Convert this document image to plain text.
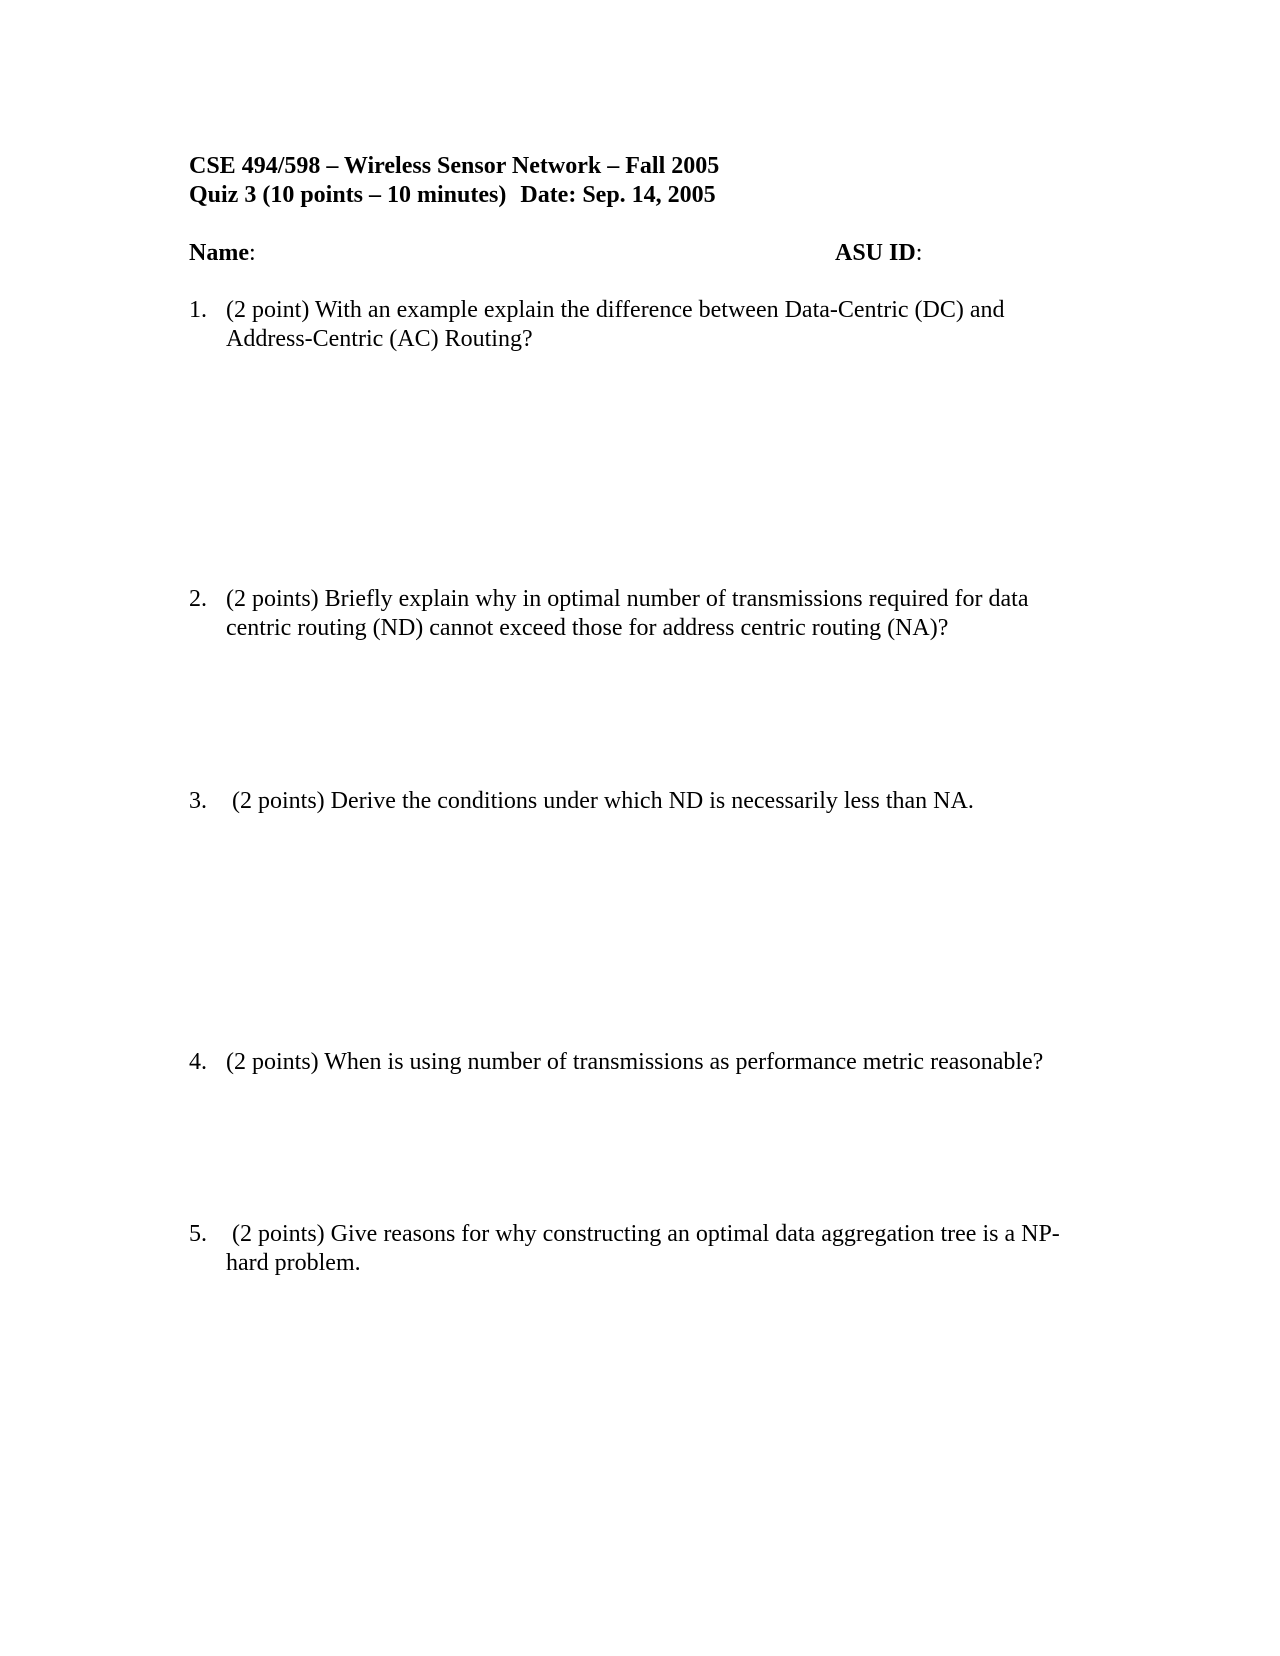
CSE 494/598 – Wireless Sensor Network – Fall 2005
Quiz 3 (10 points – 10 minutes) Date: Sep. 14, 2005
Name:	ASU ID:
1. (2 point) With an example explain the difference between Data-Centric (DC) and Address-Centric (AC) Routing?
2. (2 points) Briefly explain why in optimal number of transmissions required for data centric routing (ND) cannot exceed those for address centric routing (NA)?
3. (2 points) Derive the conditions under which ND is necessarily less than NA.
4. (2 points) When is using number of transmissions as performance metric reasonable?
5. (2 points) Give reasons for why constructing an optimal data aggregation tree is a NP-hard problem.
